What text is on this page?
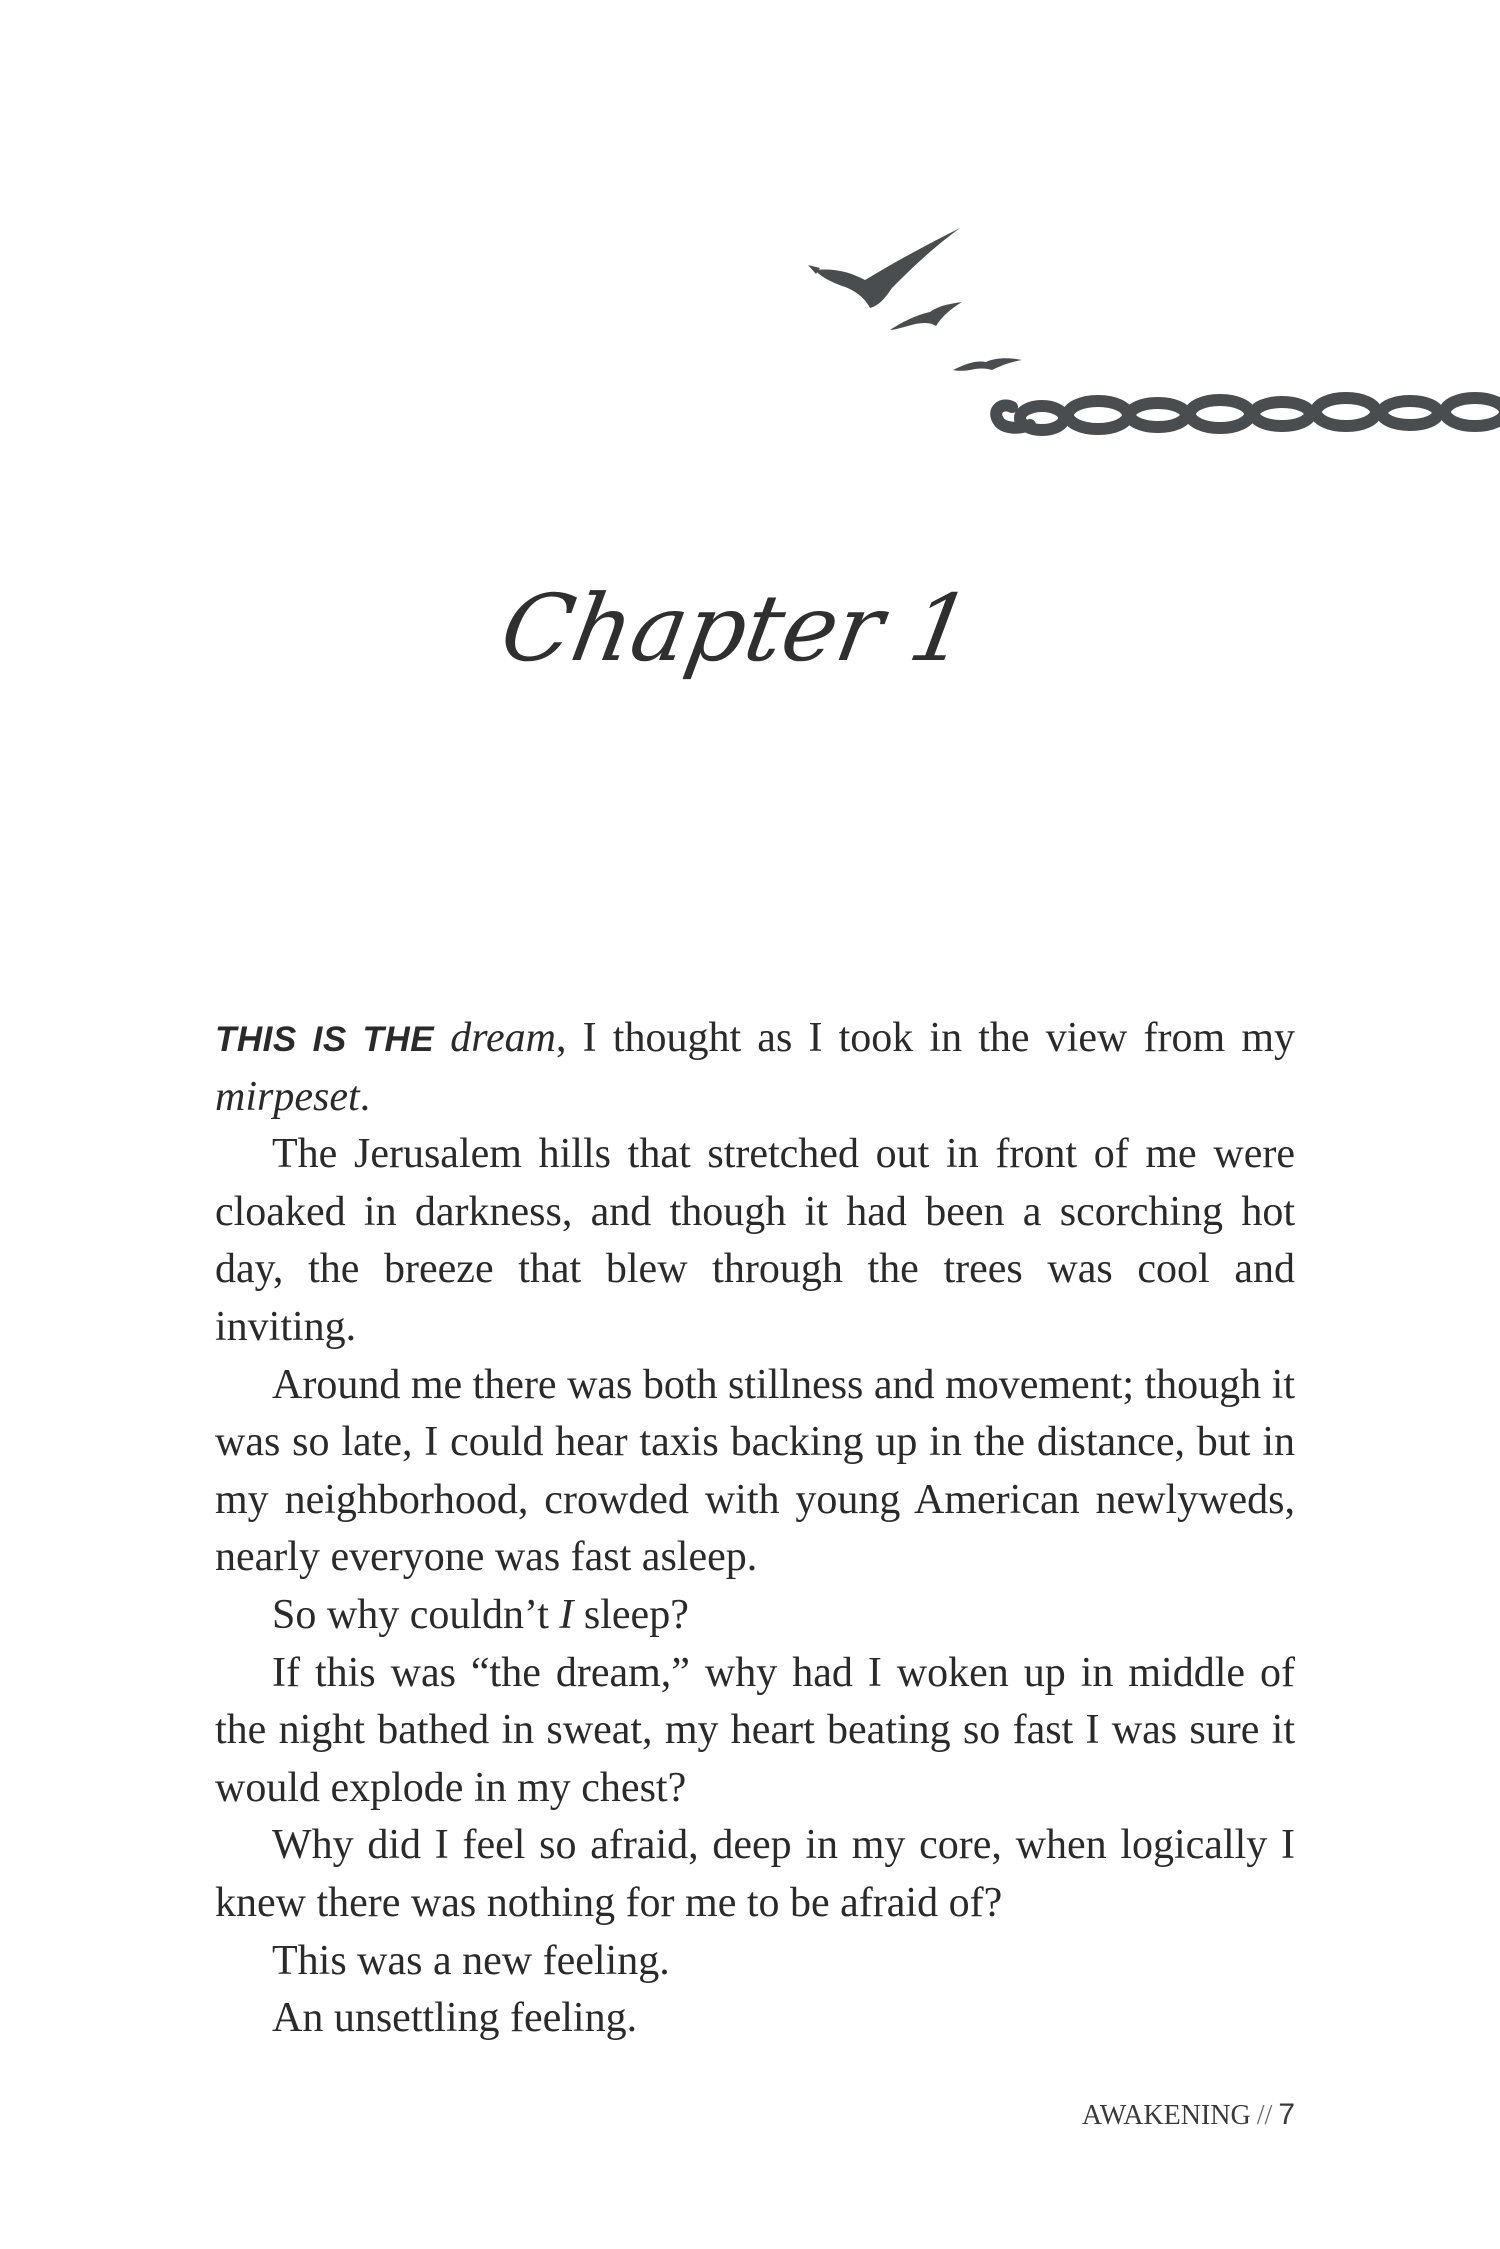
Chapter 1

THIS IS THE dream, I thought as I took in the view from my mirpeset.

The Jerusalem hills that stretched out in front of me were cloaked in darkness, and though it had been a scorching hot day, the breeze that blew through the trees was cool and inviting.

Around me there was both stillness and movement; though it was so late, I could hear taxis backing up in the distance, but in my neighborhood, crowded with young American newlyweds, nearly everyone was fast asleep.

So why couldn’t I sleep?

If this was “the dream,” why had I woken up in middle of the night bathed in sweat, my heart beating so fast I was sure it would explode in my chest?

Why did I feel so afraid, deep in my core, when logically I knew there was nothing for me to be afraid of?

This was a new feeling.

An unsettling feeling.

AWAKENING // 7
